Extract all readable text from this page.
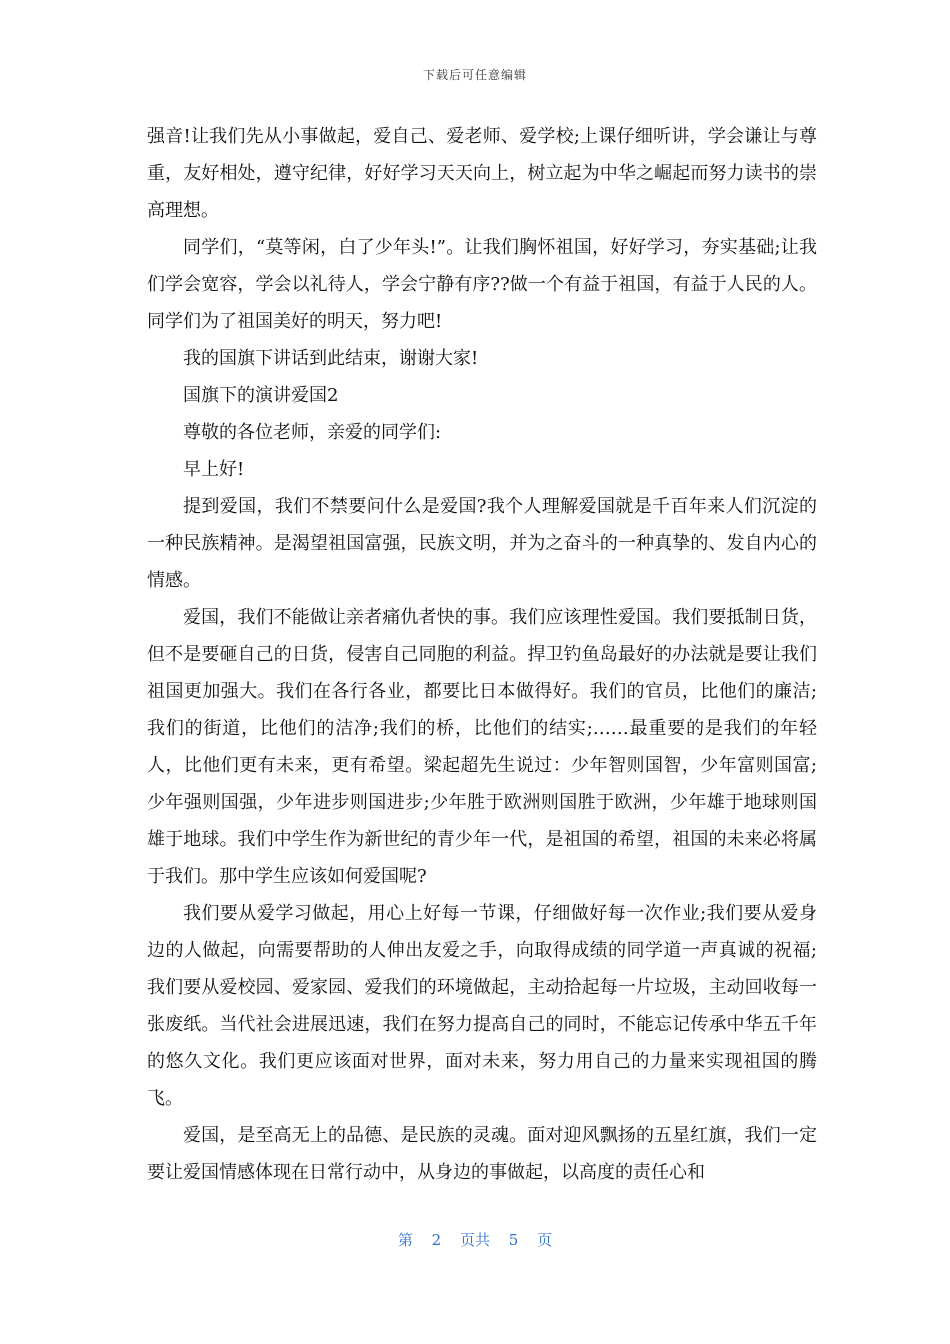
下载后可任意编辑

强音!让我们先从小事做起，爱自己、爱老师、爱学校;上课仔细听讲，学会谦让与尊重，友好相处，遵守纪律，好好学习天天向上，树立起为中华之崛起而努力读书的崇高理想。

同学们，“莫等闲，白了少年头!”。让我们胸怀祖国，好好学习，夯实基础;让我们学会宽容，学会以礼待人，学会宁静有序??做一个有益于祖国，有益于人民的人。同学们为了祖国美好的明天，努力吧!

我的国旗下讲话到此结束，谢谢大家!

国旗下的演讲爱国2

尊敬的各位老师，亲爱的同学们:

早上好!

提到爱国，我们不禁要问什么是爱国?我个人理解爱国就是千百年来人们沉淀的一种民族精神。是渴望祖国富强，民族文明，并为之奋斗的一种真挚的、发自内心的情感。

爱国，我们不能做让亲者痛仇者快的事。我们应该理性爱国。我们要抵制日货，但不是要砸自己的日货，侵害自己同胞的利益。捍卫钓鱼岛最好的办法就是要让我们祖国更加强大。我们在各行各业，都要比日本做得好。我们的官员，比他们的廉洁;我们的街道，比他们的洁净;我们的桥，比他们的结实;……最重要的是我们的年轻人，比他们更有未来，更有希望。梁起超先生说过：少年智则国智，少年富则国富;少年强则国强，少年进步则国进步;少年胜于欧洲则国胜于欧洲，少年雄于地球则国雄于地球。我们中学生作为新世纪的青少年一代，是祖国的希望，祖国的未来必将属于我们。那中学生应该如何爱国呢?

我们要从爱学习做起，用心上好每一节课，仔细做好每一次作业;我们要从爱身边的人做起，向需要帮助的人伸出友爱之手，向取得成绩的同学道一声真诚的祝福;我们要从爱校园、爱家园、爱我们的环境做起，主动拾起每一片垃圾，主动回收每一张废纸。当代社会进展迅速，我们在努力提高自己的同时，不能忘记传承中华五千年的悠久文化。我们更应该面对世界，面对未来，努力用自己的力量来实现祖国的腾飞。

爱国，是至高无上的品德、是民族的灵魂。面对迎风飘扬的五星红旗，我们一定要让爱国情感体现在日常行动中，从身边的事做起，以高度的责任心和

第 2 页共 5 页
